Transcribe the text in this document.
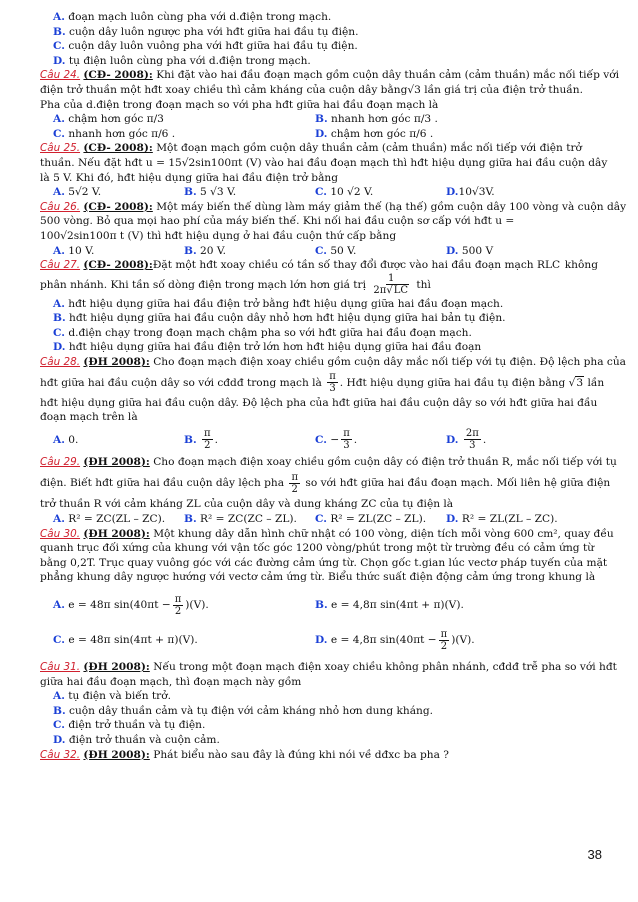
A. đoạn mạch luôn cùng pha với d.điện trong mạch.
B. cuộn dây luôn ngược pha với hđt giữa hai đầu tụ điện.
C. cuộn dây luôn vuông pha với hđt giữa hai đầu tụ điện.
D. tụ điện luôn cùng pha với d.điện trong mạch.
Câu 24. (CĐ- 2008): Khi đặt vào hai đầu đoạn mạch gồm cuộn dây thuần cảm (cảm thuần) mắc nối tiếp với
điện trở thuần một hđt xoay chiều thì cảm kháng của cuộn dây bằng√3 lần giá trị của điện trở thuần.
Pha của d.điện trong đoạn mạch so với pha hđt giữa hai đầu đoạn mạch là
A. chậm hơn góc π/3	B. nhanh hơn góc π/3 .
C. nhanh hơn góc π/6 .	D. chậm hơn góc π/6 .
Câu 25. (CĐ- 2008): Một đoạn mạch gồm cuộn dây thuần cảm (cảm thuần) mắc nối tiếp với điện trở
thuần. Nếu đặt hđt u = 15√2sin100πt (V) vào hai đầu đoạn mạch thì hđt hiệu dụng giữa hai đầu cuộn dây
là 5 V. Khi đó, hđt hiệu dụng giữa hai đầu điện trở bằng
A. 5√2 V.	B. 5 √3 V.	C. 10 √2 V.	D.10√3V.
Câu 26. (CĐ- 2008): Một máy biến thế dùng làm máy giảm thế (hạ thế) gồm cuộn dây 100 vòng và cuộn dây
500 vòng. Bỏ qua mọi hao phí của máy biến thế. Khi nối hai đầu cuộn sơ cấp với hđt u =
100√2sin100π t (V) thì hđt hiệu dụng ở hai đầu cuộn thứ cấp bằng
A. 10 V.	B. 20 V.	C. 50 V.	D. 500 V
Câu 27. (CĐ- 2008):Đặt một hđt xoay chiều có tần số thay đổi được vào hai đầu đoạn mạch RLC không
phân nhánh. Khi tần số dòng điện trong mạch lớn hơn giá trị $\frac{1}{2\pi√LC}$ thì
A. hđt hiệu dụng giữa hai đầu điện trở bằng hđt hiệu dụng giữa hai đầu đoạn mạch.
B. hđt hiệu dụng giữa hai đầu cuộn dây nhỏ hơn hđt hiệu dụng giữa hai bản tụ điện.
C. d.điện chạy trong đoạn mạch chậm pha so với hđt giữa hai đầu đoạn mạch.
D. hđt hiệu dụng giữa hai đầu điện trở lớn hơn hđt hiệu dụng giữa hai đầu đoạn
Câu 28. (ĐH 2008): Cho đoạn mạch điện xoay chiều gồm cuộn dây mắc nối tiếp với tụ điện. Độ lệch pha của
hđt giữa hai đầu cuộn dây so với cđdđ trong mạch là $\frac{\pi}{3}$ . Hđt hiệu dụng giữa hai đầu tụ điện bằng √3 lần
hđt hiệu dụng giữa hai đầu cuộn dây. Độ lệch pha của hđt giữa hai đầu cuộn dây so với hđt giữa hai đầu
đoạn mạch trên là
A. 0.	B. $\frac{\pi}{2}$ .	C. − $\frac{\pi}{3}$ .	D. $\frac{2\pi}{3}$ .
Câu 29. (ĐH 2008): Cho đoạn mạch điện xoay chiều gồm cuộn dây có điện trở thuần R, mắc nối tiếp với tụ
điện. Biết hđt giữa hai đầu cuộn dây lệch pha $\frac{\pi}{2}$ so với hđt giữa hai đầu đoạn mạch. Mối liên hệ giữa điện
trở thuần R với cảm kháng ZL của cuộn dây và dung kháng ZC của tụ điện là
A. R² = ZC(ZL – ZC).	B. R² = ZC(ZC – ZL).	C. R² = ZL(ZC – ZL).	D. R² = ZL(ZL – ZC).
Câu 30. (ĐH 2008): Một khung dây dẫn hình chữ nhật có 100 vòng, diện tích mỗi vòng 600 cm², quay đều
quanh trục đối xứng của khung với vận tốc góc 1200 vòng/phút trong một từ trường đều có cảm ứng từ
bằng 0,2T. Trục quay vuông góc với các đường cảm ứng từ. Chọn gốc t.gian lúc vectơ pháp tuyến của mặt
phẳng khung dây ngược hướng với vectơ cảm ứng từ. Biểu thức suất điện động cảm ứng trong khung là
A. e = 48π $\sin(40\pi t - \frac{\pi}{2} )(V)$.	B. e = 4,8π sin(4πt + π)(V).
C. e = 48π sin(4πt + π)(V).	D. e = 4,8π $\sin(40\pi t - \frac{\pi}{2} )(V)$.
Câu 31. (ĐH 2008): Nếu trong một đoạn mạch điện xoay chiều không phân nhánh, cđdđ trễ pha so với hđt
giữa hai đầu đoạn mạch, thì đoạn mạch này gồm
A. tụ điện và biến trở.
B. cuộn dây thuần cảm và tụ điện với cảm kháng nhỏ hơn dung kháng.
C. điện trở thuần và tụ điện.
D. điện trở thuần và cuộn cảm.
Câu 32. (ĐH 2008): Phát biểu nào sau đây là đúng khi nói về dđxc ba pha ?
38
